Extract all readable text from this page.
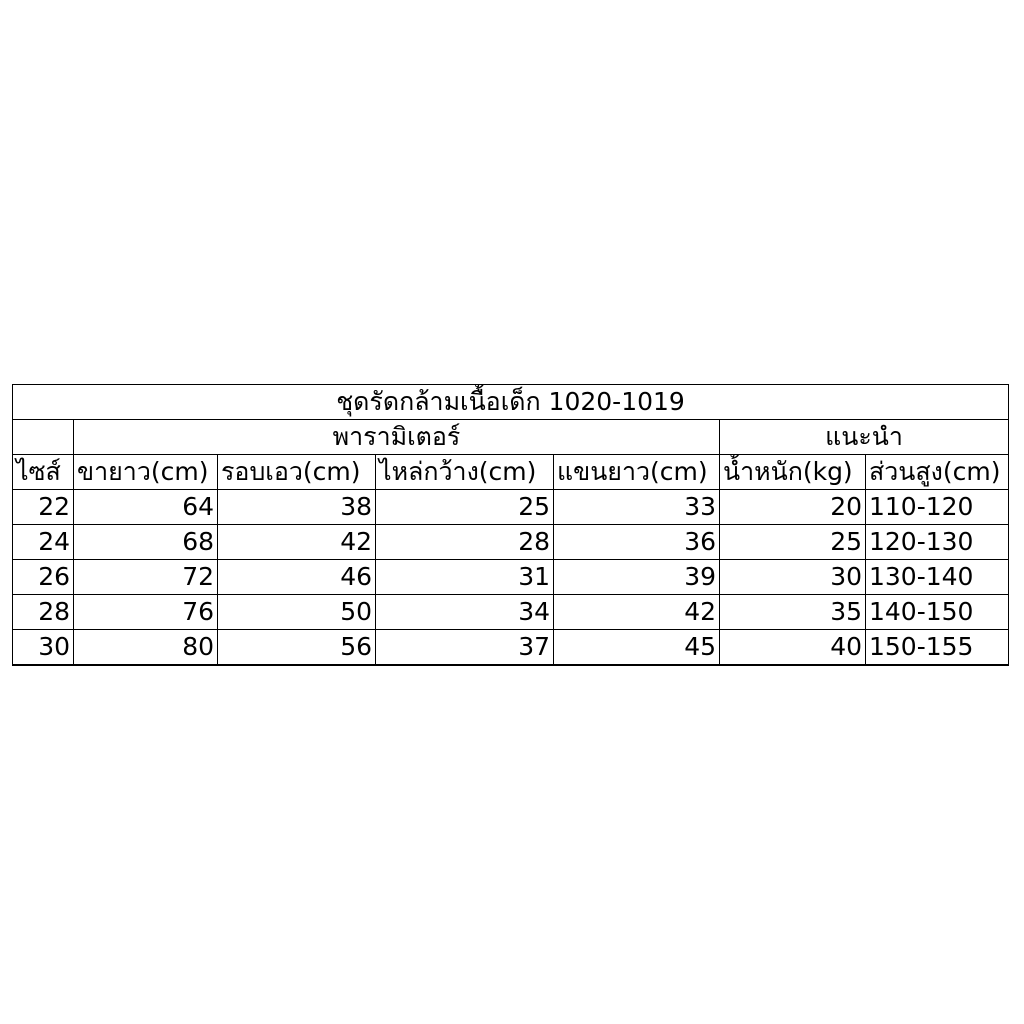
ชุดรัดกล้ามเนื้อเด็ก 1020-1019						
	พารามิเตอร์				แนะนำ	
ไซส์	ขายาว(cm)	รอบเอว(cm)	ไหล่กว้าง(cm)	แขนยาว(cm)	น้ำหนัก(kg)	ส่วนสูง(cm)
22	64	38	25	33	20	110-120
24	68	42	28	36	25	120-130
26	72	46	31	39	30	130-140
28	76	50	34	42	35	140-150
30	80	56	37	45	40	150-155
